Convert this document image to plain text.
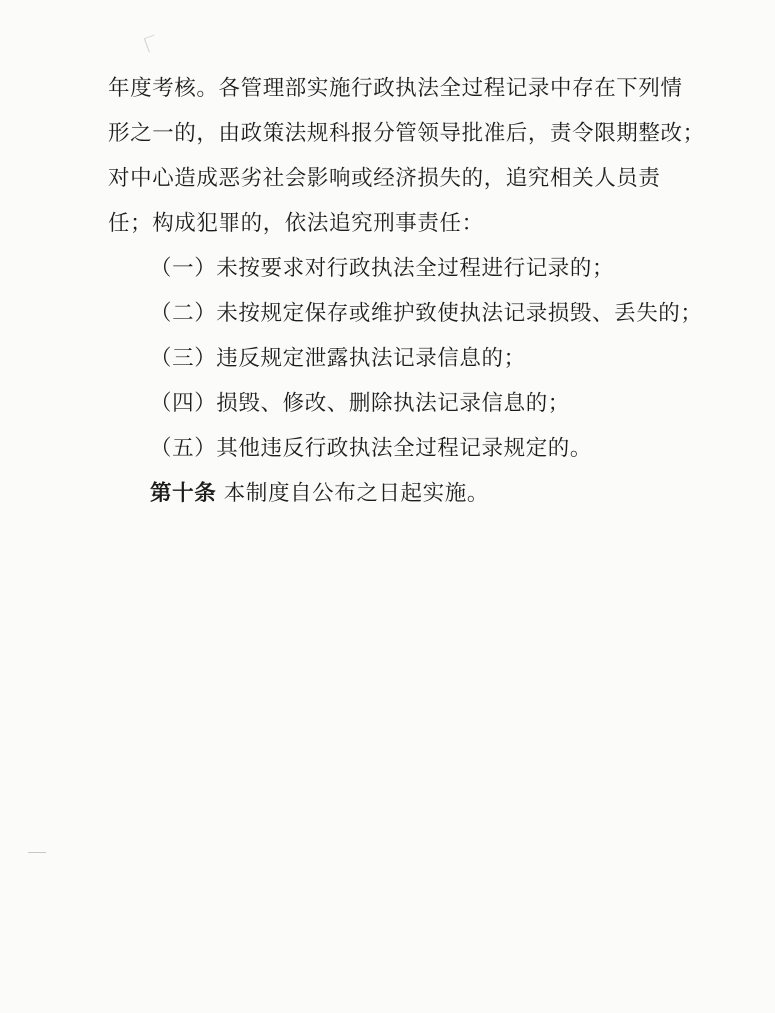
年度考核。各管理部实施行政执法全过程记录中存在下列情

形之一的，由政策法规科报分管领导批准后，责令限期整改；

对中心造成恶劣社会影响或经济损失的，追究相关人员责

任；构成犯罪的，依法追究刑事责任：

（一）未按要求对行政执法全过程进行记录的；

（二）未按规定保存或维护致使执法记录损毁、丢失的；

（三）违反规定泄露执法记录信息的；

（四）损毁、修改、删除执法记录信息的；

（五）其他违反行政执法全过程记录规定的。

第十条 本制度自公布之日起实施。
